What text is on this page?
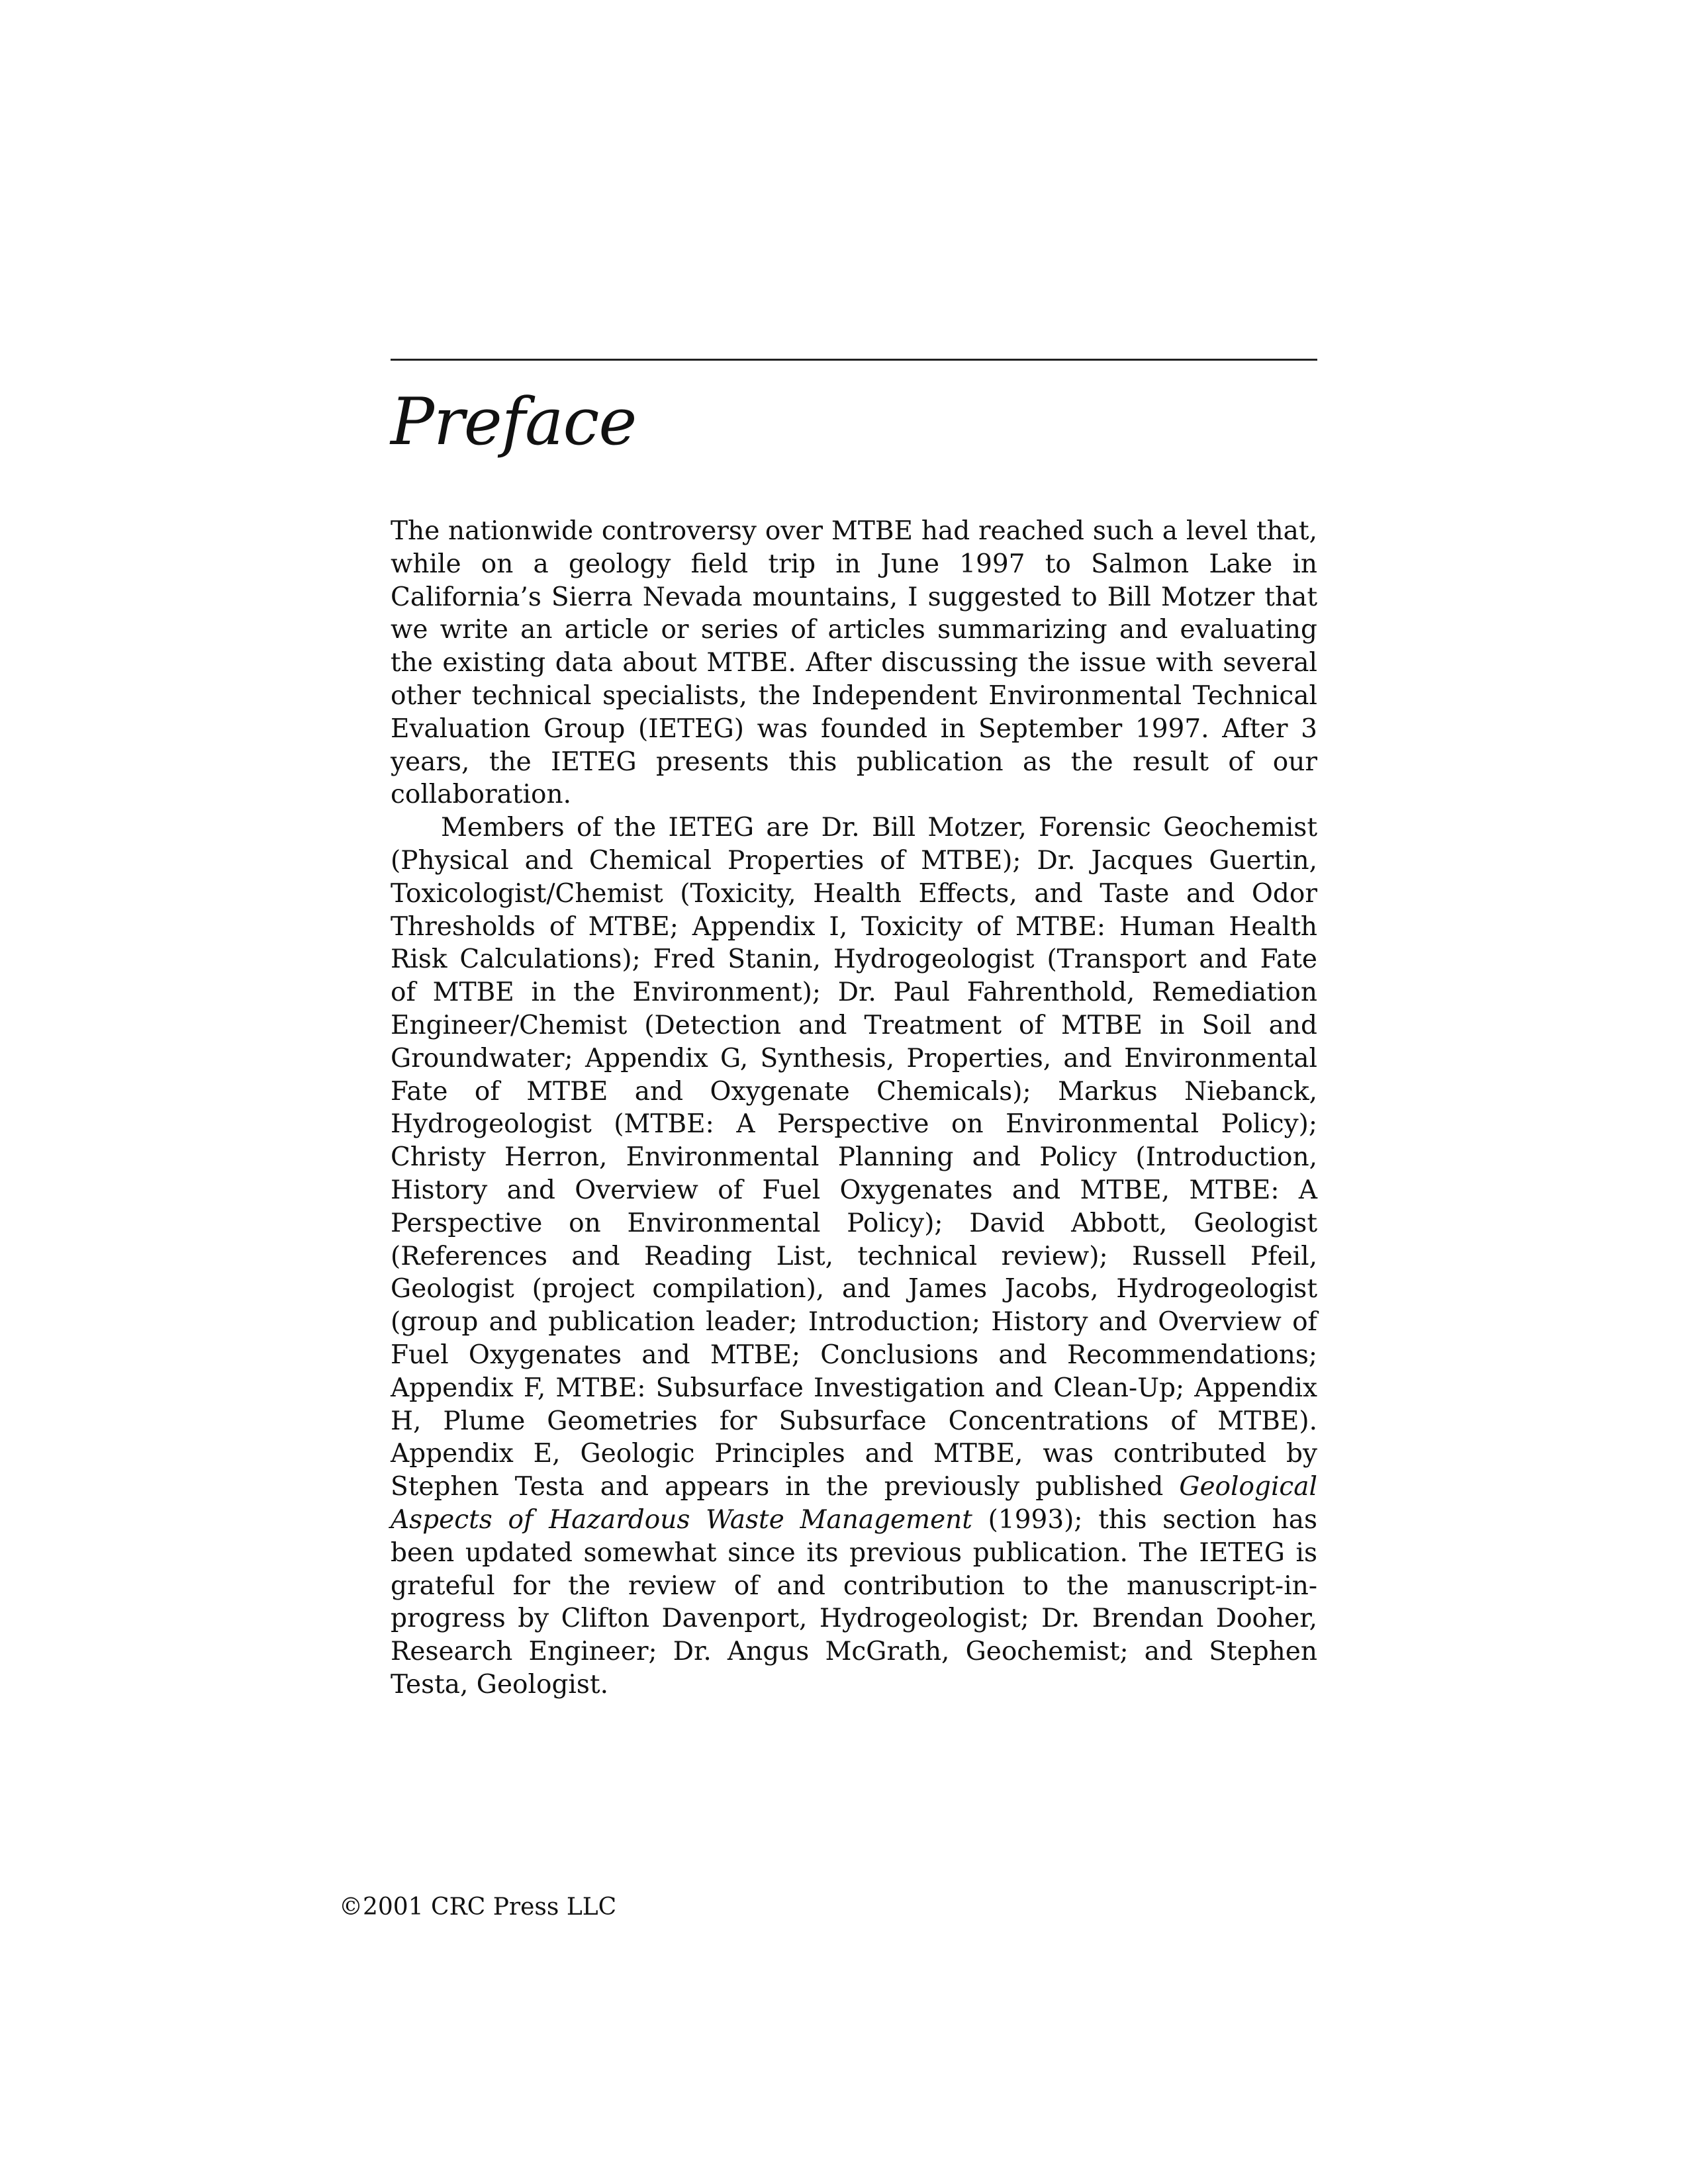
Preface

The nationwide controversy over MTBE had reached such a level that, while on a geology field trip in June 1997 to Salmon Lake in California’s Sierra Nevada mountains, I suggested to Bill Motzer that we write an article or series of articles summarizing and evaluating the existing data about MTBE. After discussing the issue with several other technical specialists, the Independent Environmental Technical Evaluation Group (IETEG) was founded in September 1997. After 3 years, the IETEG presents this publication as the result of our collaboration.

Members of the IETEG are Dr. Bill Motzer, Forensic Geochemist (Physical and Chemical Properties of MTBE); Dr. Jacques Guertin, Toxicologist/Chemist (Toxicity, Health Effects, and Taste and Odor Thresholds of MTBE; Appendix I, Toxicity of MTBE: Human Health Risk Calculations); Fred Stanin, Hydrogeologist (Transport and Fate of MTBE in the Environment); Dr. Paul Fahrenthold, Remediation Engineer/Chemist (Detection and Treatment of MTBE in Soil and Groundwater; Appendix G, Synthesis, Properties, and Environmental Fate of MTBE and Oxygenate Chemicals); Markus Niebanck, Hydrogeologist (MTBE: A Perspective on Environmental Policy); Christy Herron, Environmental Planning and Policy (Introduction, History and Overview of Fuel Oxygenates and MTBE, MTBE: A Perspective on Environmental Policy); David Abbott, Geologist (References and Reading List, technical review); Russell Pfeil, Geologist (project compilation), and James Jacobs, Hydrogeologist (group and publication leader; Introduction; History and Overview of Fuel Oxygenates and MTBE; Conclusions and Recommendations; Appendix F, MTBE: Subsurface Investigation and Clean-Up; Appendix H, Plume Geometries for Subsurface Concentrations of MTBE). Appendix E, Geologic Principles and MTBE, was contributed by Stephen Testa and appears in the previously published Geological Aspects of Hazardous Waste Management (1993); this section has been updated somewhat since its previous publication. The IETEG is grateful for the review of and contribution to the manuscript-in-progress by Clifton Davenport, Hydrogeologist; Dr. Brendan Dooher, Research Engineer; Dr. Angus McGrath, Geochemist; and Stephen Testa, Geologist.

©2001 CRC Press LLC
